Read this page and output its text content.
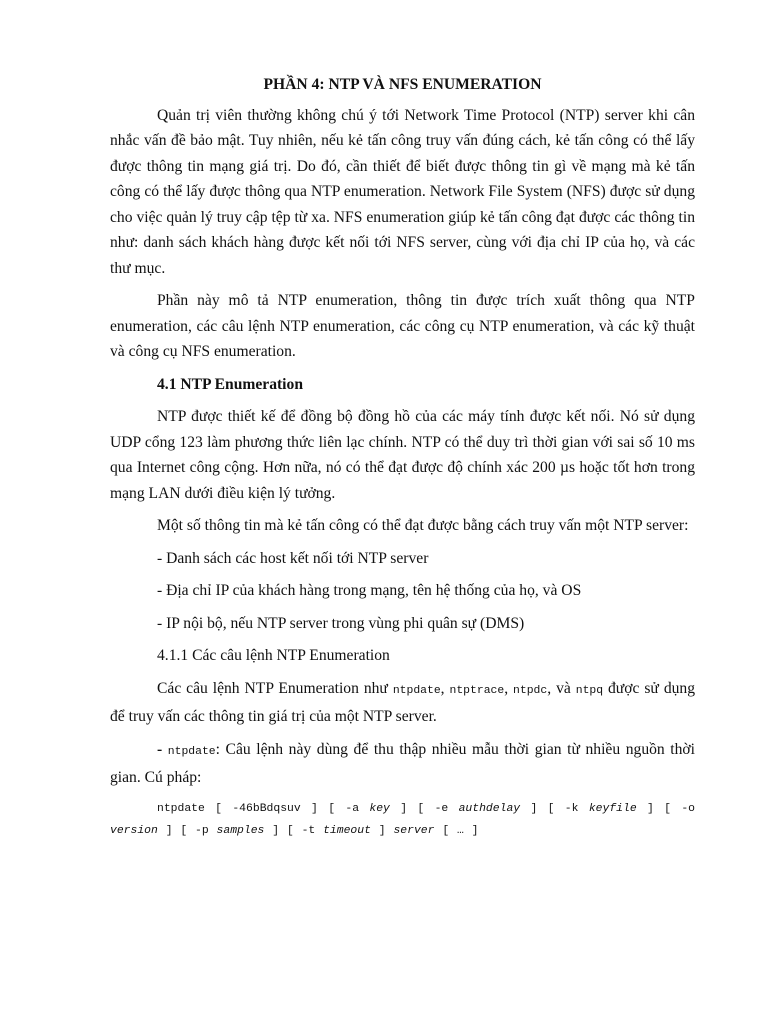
PHẦN 4: NTP VÀ NFS ENUMERATION

Quản trị viên thường không chú ý tới Network Time Protocol (NTP) server khi cân nhắc vấn đề bảo mật. Tuy nhiên, nếu kẻ tấn công truy vấn đúng cách, kẻ tấn công có thể lấy được thông tin mạng giá trị. Do đó, cần thiết để biết được thông tin gì về mạng mà kẻ tấn công có thể lấy được thông qua NTP enumeration. Network File System (NFS) được sử dụng cho việc quản lý truy cập tệp từ xa. NFS enumeration giúp kẻ tấn công đạt được các thông tin như: danh sách khách hàng được kết nối tới NFS server, cùng với địa chỉ IP của họ, và các thư mục.

Phần này mô tả NTP enumeration, thông tin được trích xuất thông qua NTP enumeration, các câu lệnh NTP enumeration, các công cụ NTP enumeration, và các kỹ thuật và công cụ NFS enumeration.

4.1 NTP Enumeration

NTP được thiết kế để đồng bộ đồng hồ của các máy tính được kết nối. Nó sử dụng UDP cổng 123 làm phương thức liên lạc chính. NTP có thể duy trì thời gian với sai số 10 ms qua Internet công cộng. Hơn nữa, nó có thể đạt được độ chính xác 200 µs hoặc tốt hơn trong mạng LAN dưới điều kiện lý tưởng.

Một số thông tin mà kẻ tấn công có thể đạt được bằng cách truy vấn một NTP server:

- Danh sách các host kết nối tới NTP server

- Địa chỉ IP của khách hàng trong mạng, tên hệ thống của họ, và OS

- IP nội bộ, nếu NTP server trong vùng phi quân sự (DMS)

4.1.1 Các câu lệnh NTP Enumeration

Các câu lệnh NTP Enumeration như ntpdate, ntptrace, ntpdc, và ntpq được sử dụng để truy vấn các thông tin giá trị của một NTP server.

- ntpdate: Câu lệnh này dùng để thu thập nhiều mẫu thời gian từ nhiều nguồn thời gian. Cú pháp:

ntpdate [ -46bBdqsuv ] [ -a key ] [ -e authdelay ] [ -k keyfile ] [ -o version ] [ -p samples ] [ -t timeout ] server [ … ]
